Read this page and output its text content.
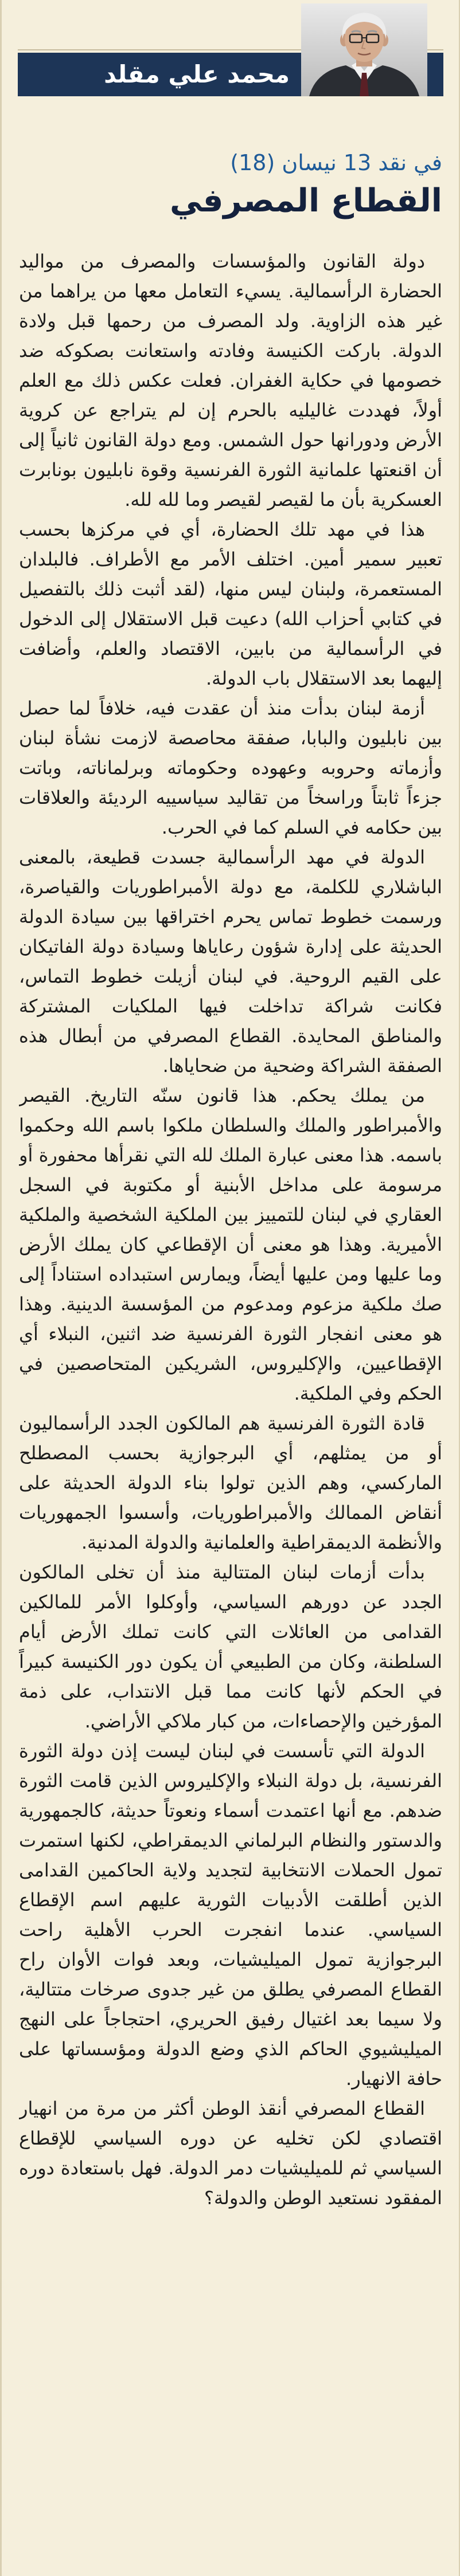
محمد علي مقلد
في نقد 13 نيسان (18)
القطاع المصرفي

دولة القانون والمؤسسات والمصرف من مواليد الحضارة الرأسمالية. يسيء التعامل معها من يراهما من غير هذه الزاوية. ولد المصرف من رحمها قبل ولادة الدولة. باركت الكنيسة وفادته واستعانت بصكوكه ضد خصومها في حكاية الغفران. فعلت عكس ذلك مع العلم أولاً، فهددت غاليليه بالحرم إن لم يتراجع عن كروية الأرض ودورانها حول الشمس. ومع دولة القانون ثانياً إلى أن اقنعتها علمانية الثورة الفرنسية وقوة نابليون بونابرت العسكرية بأن ما لقيصر لقيصر وما لله لله.

هذا في مهد تلك الحضارة، أي في مركزها بحسب تعبير سمير أمين. اختلف الأمر مع الأطراف. فالبلدان المستعمرة، ولبنان ليس منها، (لقد أثبت ذلك بالتفصيل في كتابي أحزاب الله) دعيت قبل الاستقلال إلى الدخول في الرأسمالية من بابين، الاقتصاد والعلم، وأضافت إليهما بعد الاستقلال باب الدولة.

أزمة لبنان بدأت منذ أن عقدت فيه، خلافاً لما حصل بين نابليون والبابا، صفقة محاصصة لازمت نشأة لبنان وأزماته وحروبه وعهوده وحكوماته وبرلماناته، وباتت جزءاً ثابتاً وراسخاً من تقاليد سياسييه الرديئة والعلاقات بين حكامه في السلم كما في الحرب.

الدولة في مهد الرأسمالية جسدت قطيعة، بالمعنى الباشلاري للكلمة، مع دولة الأمبراطوريات والقياصرة، ورسمت خطوط تماس يحرم اختراقها بين سيادة الدولة الحديثة على إدارة شؤون رعاياها وسيادة دولة الفاتيكان على القيم الروحية. في لبنان أزيلت خطوط التماس، فكانت شراكة تداخلت فيها الملكيات المشتركة والمناطق المحايدة. القطاع المصرفي من أبطال هذه الصفقة الشراكة وضحية من ضحاياها.

من يملك يحكم. هذا قانون سنّه التاريخ. القيصر والأمبراطور والملك والسلطان ملكوا باسم الله وحكموا باسمه. هذا معنى عبارة الملك لله التي نقرأها محفورة أو مرسومة على مداخل الأبنية أو مكتوبة في السجل العقاري في لبنان للتمييز بين الملكية الشخصية والملكية الأميرية. وهذا هو معنى أن الإقطاعي كان يملك الأرض وما عليها ومن عليها أيضاً، ويمارس استبداده استناداً إلى صك ملكية مزعوم ومدعوم من المؤسسة الدينية. وهذا هو معنى انفجار الثورة الفرنسية ضد اثنين، النبلاء أي الإقطاعيين، والإكليروس، الشريكين المتحاصصين في الحكم وفي الملكية.

قادة الثورة الفرنسية هم المالكون الجدد الرأسماليون أو من يمثلهم، أي البرجوازية بحسب المصطلح الماركسي، وهم الذين تولوا بناء الدولة الحديثة على أنقاض الممالك والأمبراطوريات، وأسسوا الجمهوريات والأنظمة الديمقراطية والعلمانية والدولة المدنية.

بدأت أزمات لبنان المتتالية منذ أن تخلى المالكون الجدد عن دورهم السياسي، وأوكلوا الأمر للمالكين القدامى من العائلات التي كانت تملك الأرض أيام السلطنة، وكان من الطبيعي أن يكون دور الكنيسة كبيراً في الحكم لأنها كانت مما قبل الانتداب، على ذمة المؤرخين والإحصاءات، من كبار ملاكي الأراضي.

الدولة التي تأسست في لبنان ليست إذن دولة الثورة الفرنسية، بل دولة النبلاء والإكليروس الذين قامت الثورة ضدهم. مع أنها اعتمدت أسماء ونعوتاً حديثة، كالجمهورية والدستور والنظام البرلماني الديمقراطي، لكنها استمرت تمول الحملات الانتخابية لتجديد ولاية الحاكمين القدامى الذين أطلقت الأدبيات الثورية عليهم اسم الإقطاع السياسي. عندما انفجرت الحرب الأهلية راحت البرجوازية تمول الميليشيات، وبعد فوات الأوان راح القطاع المصرفي يطلق من غير جدوى صرخات متتالية، ولا سيما بعد اغتيال رفيق الحريري، احتجاجاً على النهج الميليشيوي الحاكم الذي وضع الدولة ومؤسساتها على حافة الانهيار.

القطاع المصرفي أنقذ الوطن أكثر من مرة من انهيار اقتصادي لكن تخليه عن دوره السياسي للإقطاع السياسي ثم للميليشيات دمر الدولة. فهل باستعادة دوره المفقود نستعيد الوطن والدولة؟
